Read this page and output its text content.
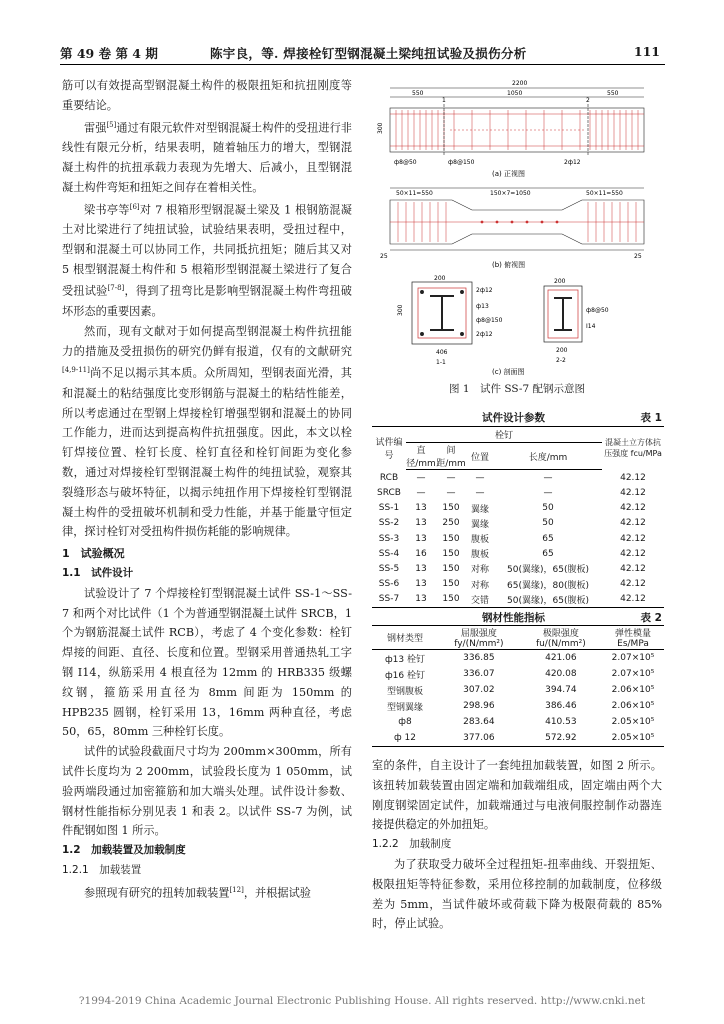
第 49 卷 第 4 期	陈宇良，等. 焊接栓钉型钢混凝土梁纯扭试验及损伤分析	111

筋可以有效提高型钢混凝土构件的极限扭矩和抗扭刚度等重要结论。

雷强[5]通过有限元软件对型钢混凝土构件的受扭进行非线性有限元分析，结果表明，随着轴压力的增大，型钢混凝土构件的抗扭承载力表现为先增大、后减小，且型钢混凝土构件弯矩和扭矩之间存在着相关性。

梁书亭等[6]对 7 根箱形型钢混凝土梁及 1 根钢筋混凝土对比梁进行了纯扭试验，试验结果表明，受扭过程中，型钢和混凝土可以协同工作，共同抵抗扭矩；随后其又对 5 根型钢混凝土构件和 5 根箱形型钢混凝土梁进行了复合受扭试验[7-8]，得到了扭弯比是影响型钢混凝土构件弯扭破坏形态的重要因素。

然而，现有文献对于如何提高型钢混凝土构件抗扭能力的措施及受扭损伤的研究仍鲜有报道，仅有的文献研究[4,9-11]尚不足以揭示其本质。众所周知，型钢表面光滑，其和混凝土的粘结强度比变形钢筋与混凝土的粘结性能差，所以考虑通过在型钢上焊接栓钉增强型钢和混凝土的协同工作能力，进而达到提高构件抗扭强度。因此，本文以栓钉焊接位置、栓钉长度、栓钉直径和栓钉间距为变化参数，通过对焊接栓钉型钢混凝土构件的纯扭试验，观察其裂缝形态与破坏特征，以揭示纯扭作用下焊接栓钉型钢混凝土构件的受扭破坏机制和受力性能，并基于能量守恒定律，探讨栓钉对受扭构件损伤耗能的影响规律。

1　试验概况

1.1　试件设计

试验设计了 7 个焊接栓钉型钢混凝土试件 SS-1～SS-7 和两个对比试件（1 个为普通型钢混凝土试件 SRCB，1 个为钢筋混凝土试件 RCB），考虑了 4 个变化参数：栓钉焊接的间距、直径、长度和位置。型钢采用普通热轧工字钢 I14，纵筋采用 4 根直径为 12mm 的 HRB335 级螺纹钢，箍筋采用直径为 8mm 间距为 150mm 的 HPB235 圆钢，栓钉采用 13，16mm 两种直径，考虑 50，65，80mm 三种栓钉长度。

试件的试验段截面尺寸均为 200mm×300mm，所有试件长度均为 2 200mm，试验段长度为 1 050mm，试验两端段通过加密箍筋和加大端头处理。试件设计参数、钢材性能指标分别见表 1 和表 2。以试件 SS-7 为例，试件配钢如图 1 所示。

1.2　加载装置及加载制度

1.2.1　加载装置

参照现有研究的扭转加载装置[12]，并根据试验

2200
550	1050	550
300
ф8@50	ф8@150	2ф12
1	2
(a) 正视图
50×11=550	150×7=1050	50×11=550
25	25
(b) 俯视图
2ф12
ф13
ф8@150
2ф12
ф8@50
I14
200	200
300
406	200
1-1	2-2
(c) 剖面图
图 1　试件 SS-7 配钢示意图
试件设计参数	表 1
试件编号	栓钉				混凝土立方体抗压强度 fcu/MPa
	直径/mm	间距/mm	位置	长度/mm	
RCB	—	—	—	—	42.12
SRCB	—	—	—	—	42.12
SS-1	13	150	翼缘	50	42.12
SS-2	13	250	翼缘	50	42.12
SS-3	13	150	腹板	65	42.12
SS-4	16	150	腹板	65	42.12
SS-5	13	150	对称	50(翼缘)，65(腹板)	42.12
SS-6	13	150	对称	65(翼缘)，80(腹板)	42.12
SS-7	13	150	交错	50(翼缘)，65(腹板)	42.12
钢材性能指标	表 2
钢材类型	屈服强度 fy/(N/mm²)	极限强度 fu/(N/mm²)	弹性模量 Es/MPa
ф13 栓钉	336.85	421.06	2.07×10⁵
ф16 栓钉	336.07	420.08	2.07×10⁵
型钢腹板	307.02	394.74	2.06×10⁵
型钢翼缘	298.96	386.46	2.06×10⁵
ф8	283.64	410.53	2.05×10⁵
ф 12	377.06	572.92	2.05×10⁵

室的条件，自主设计了一套纯扭加载装置，如图 2 所示。该扭转加载装置由固定端和加载端组成，固定端由两个大刚度钢梁固定试件，加载端通过与电液伺服控制作动器连接提供稳定的外加扭矩。

1.2.2　加载制度

为了获取受力破坏全过程扭矩-扭率曲线、开裂扭矩、极限扭矩等特征参数，采用位移控制的加载制度，位移级差为 5mm，当试件破坏或荷载下降为极限荷载的 85%时，停止试验。

?1994-2019 China Academic Journal Electronic Publishing House. All rights reserved. http://www.cnki.net
